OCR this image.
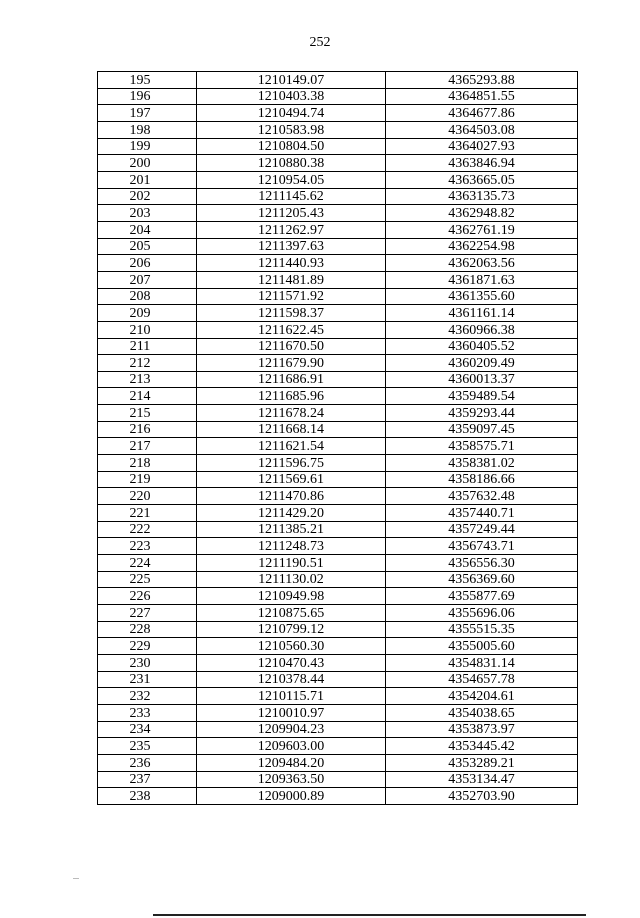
252
195	1210149.07	4365293.88
196	1210403.38	4364851.55
197	1210494.74	4364677.86
198	1210583.98	4364503.08
199	1210804.50	4364027.93
200	1210880.38	4363846.94
201	1210954.05	4363665.05
202	1211145.62	4363135.73
203	1211205.43	4362948.82
204	1211262.97	4362761.19
205	1211397.63	4362254.98
206	1211440.93	4362063.56
207	1211481.89	4361871.63
208	1211571.92	4361355.60
209	1211598.37	4361161.14
210	1211622.45	4360966.38
211	1211670.50	4360405.52
212	1211679.90	4360209.49
213	1211686.91	4360013.37
214	1211685.96	4359489.54
215	1211678.24	4359293.44
216	1211668.14	4359097.45
217	1211621.54	4358575.71
218	1211596.75	4358381.02
219	1211569.61	4358186.66
220	1211470.86	4357632.48
221	1211429.20	4357440.71
222	1211385.21	4357249.44
223	1211248.73	4356743.71
224	1211190.51	4356556.30
225	1211130.02	4356369.60
226	1210949.98	4355877.69
227	1210875.65	4355696.06
228	1210799.12	4355515.35
229	1210560.30	4355005.60
230	1210470.43	4354831.14
231	1210378.44	4354657.78
232	1210115.71	4354204.61
233	1210010.97	4354038.65
234	1209904.23	4353873.97
235	1209603.00	4353445.42
236	1209484.20	4353289.21
237	1209363.50	4353134.47
238	1209000.89	4352703.90
